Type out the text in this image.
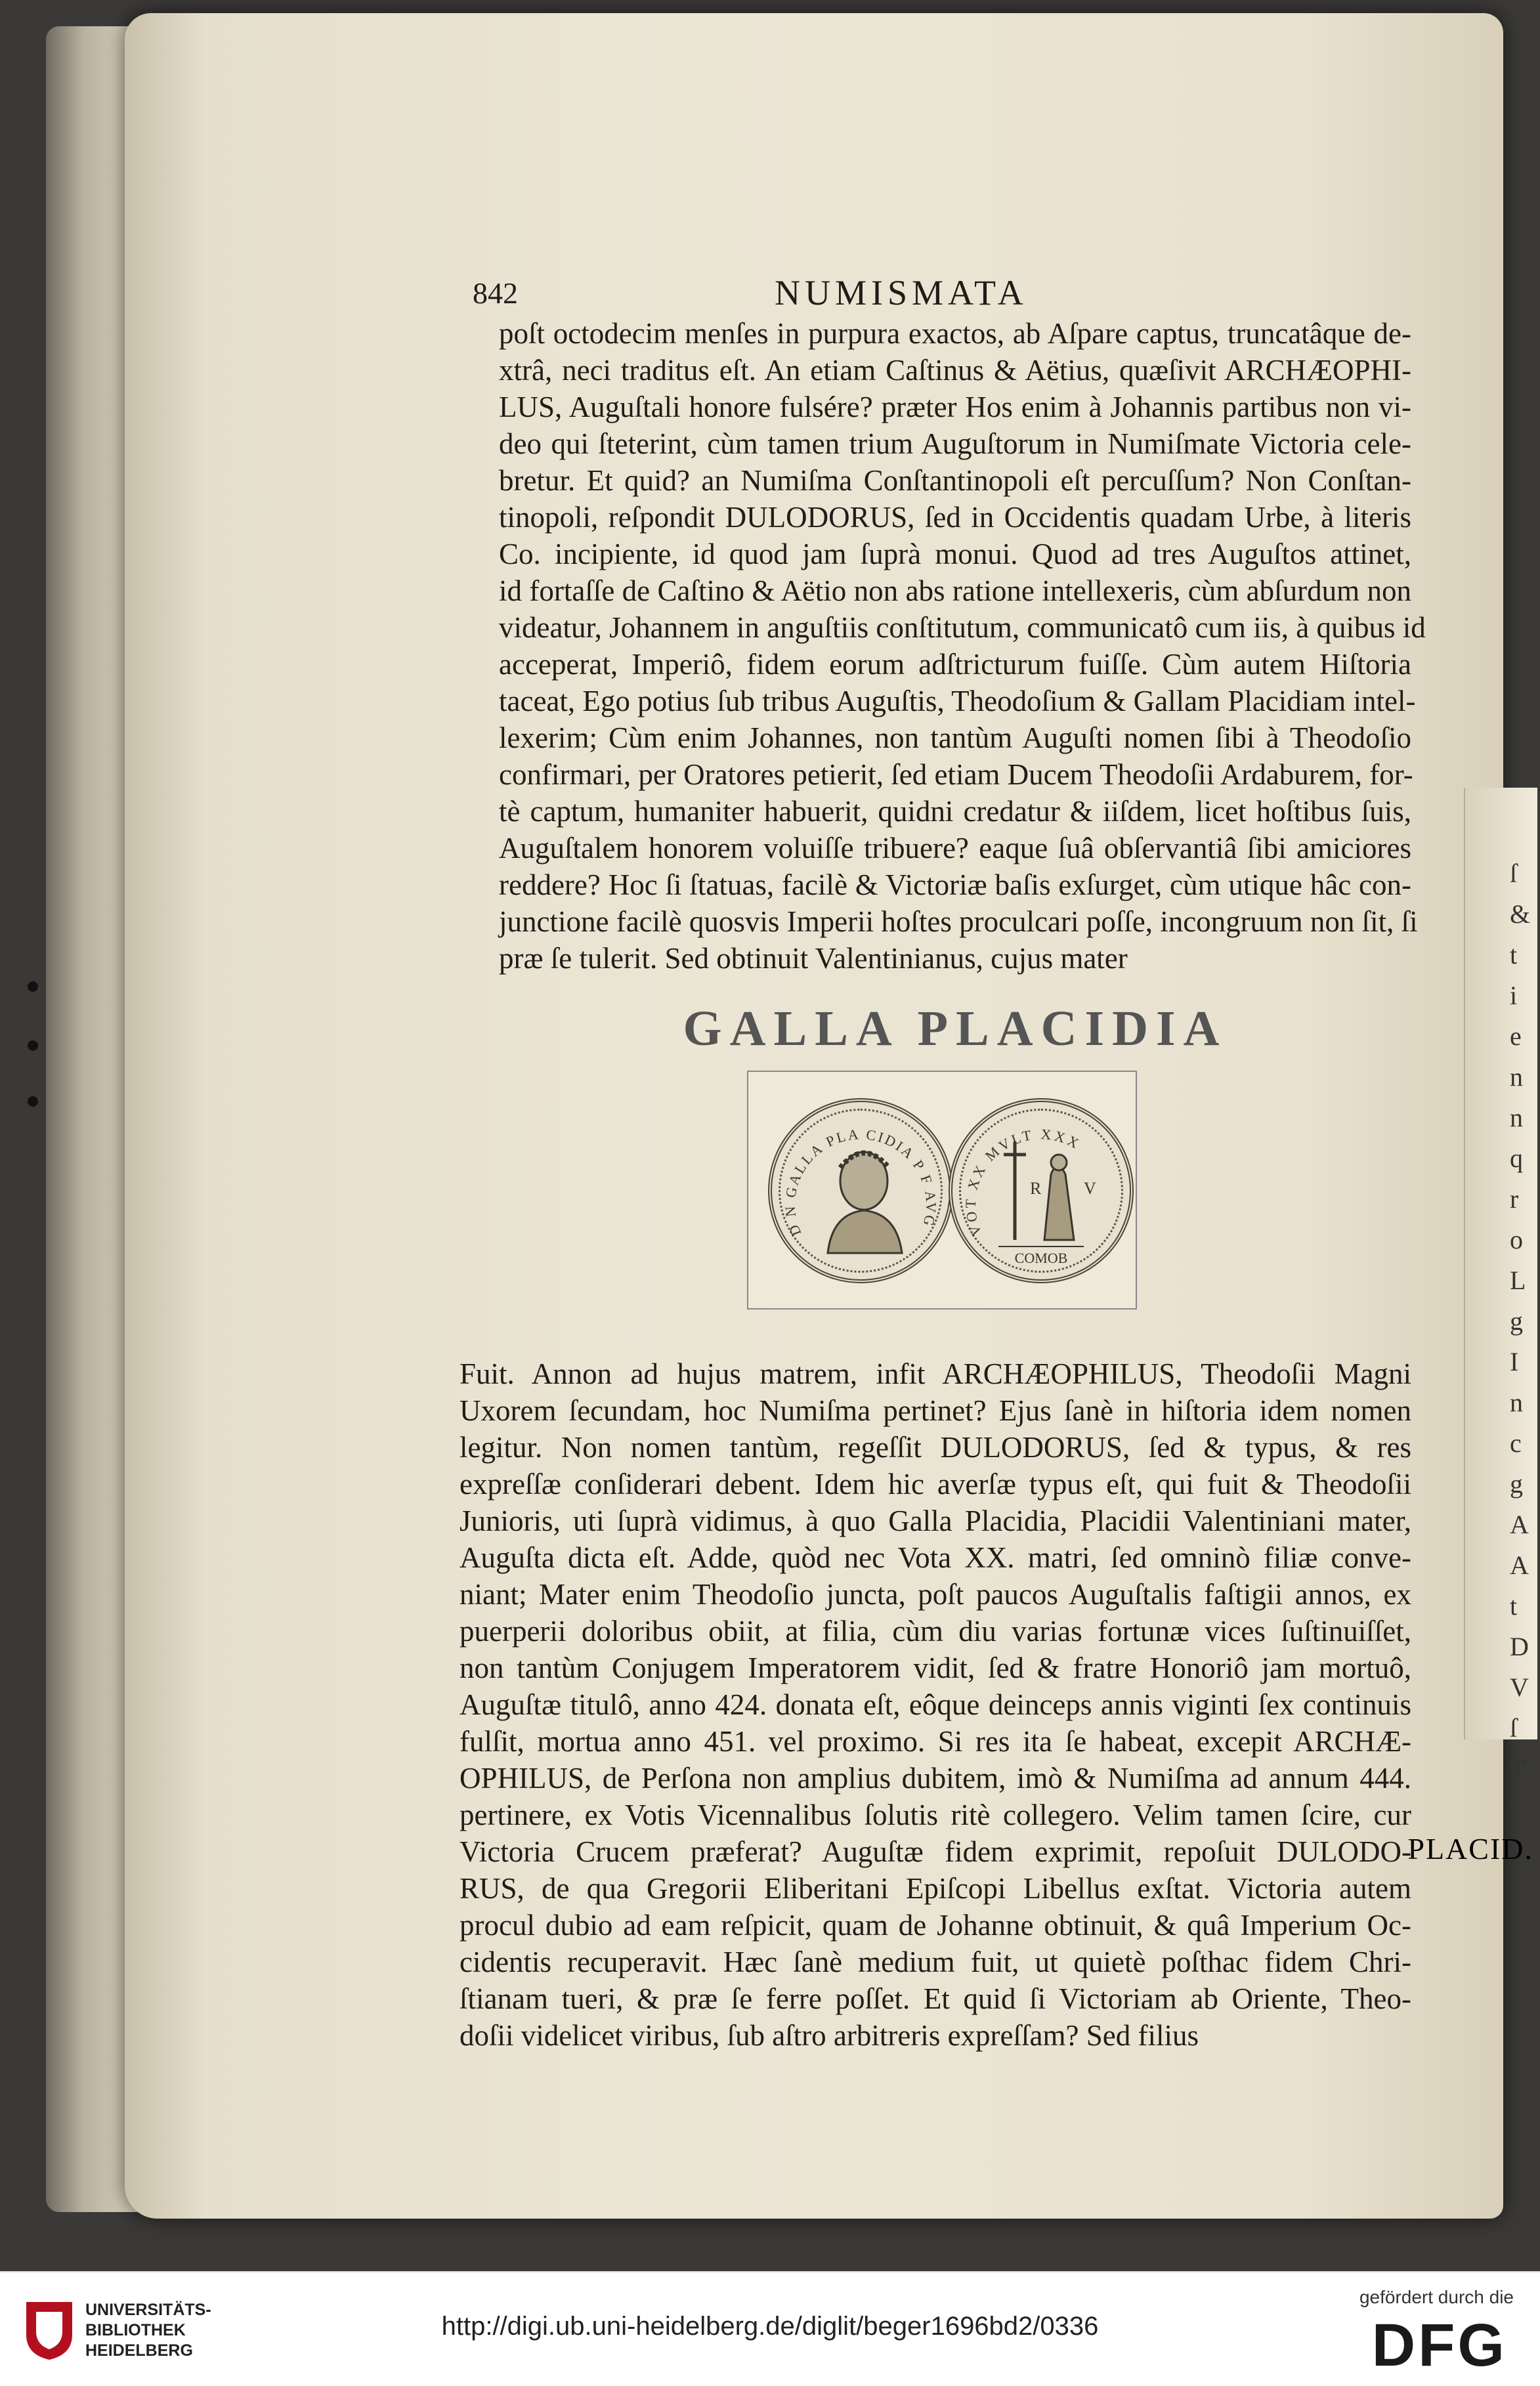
ſ
&
t
i
e
n
n
q
r
o
L
g
I
n
c
g
A
A
t
D
V
ſ
T
t
842	NUMISMATA

poſt octodecim menſes in purpura exactos, ab Aſpare captus, truncatâque de-
xtrâ, neci traditus eſt. An etiam Caſtinus & Aëtius, quæſivit ARCHÆOPHI-
LUS, Auguſtali honore fulsére? præter Hos enim à Johannis partibus non vi-
deo qui ſteterint, cùm tamen trium Auguſtorum in Numiſmate Victoria cele-
bretur. Et quid? an Numiſma Conſtantinopoli eſt percuſſum? Non Conſtan-
tinopoli, reſpondit DULODORUS, ſed in Occidentis quadam Urbe, à literis
Co. incipiente, id quod jam ſuprà monui. Quod ad tres Auguſtos attinet,
id fortaſſe de Caſtino & Aëtio non abs ratione intellexeris, cùm abſurdum non
videatur, Johannem in anguſtiis conſtitutum, communicatô cum iis, à quibus id
acceperat, Imperiô, fidem eorum adſtricturum fuiſſe. Cùm autem Hiſtoria
taceat, Ego potius ſub tribus Auguſtis, Theodoſium & Gallam Placidiam intel-
lexerim; Cùm enim Johannes, non tantùm Auguſti nomen ſibi à Theodoſio
confirmari, per Oratores petierit, ſed etiam Ducem Theodoſii Ardaburem, for-
tè captum, humaniter habuerit, quidni credatur & iiſdem, licet hoſtibus ſuis,
Auguſtalem honorem voluiſſe tribuere? eaque ſuâ obſervantiâ ſibi amiciores
reddere? Hoc ſi ſtatuas, facilè & Victoriæ baſis exſurget, cùm utique hâc con-
junctione facilè quosvis Imperii hoſtes proculcari poſſe, incongruum non ſit, ſi
præ ſe tulerit. Sed obtinuit Valentinianus, cujus mater

GALLA PLACIDIA
D N GALLA PLA CIDIA P F AVG VOT XX MVLT XXX
R V
COMOB

Fuit. Annon ad hujus matrem, infit ARCHÆOPHILUS, Theodoſii Magni
Uxorem ſecundam, hoc Numiſma pertinet? Ejus ſanè in hiſtoria idem nomen
legitur. Non nomen tantùm, regeſſit DULODORUS, ſed & typus, & res
expreſſæ conſiderari debent. Idem hic averſæ typus eſt, qui fuit & Theodoſii
Junioris, uti ſuprà vidimus, à quo Galla Placidia, Placidii Valentiniani mater,
Auguſta dicta eſt. Adde, quòd nec Vota XX. matri, ſed omninò filiæ conve-
niant; Mater enim Theodoſio juncta, poſt paucos Auguſtalis faſtigii annos, ex
puerperii doloribus obiit, at filia, cùm diu varias fortunæ vices ſuſtinuiſſet,
non tantùm Conjugem Imperatorem vidit, ſed & fratre Honoriô jam mortuô,
Auguſtæ titulô, anno 424. donata eſt, eôque deinceps annis viginti ſex continuis
fulſit, mortua anno 451. vel proximo. Si res ita ſe habeat, excepit ARCHÆ-
OPHILUS, de Perſona non amplius dubitem, imò & Numiſma ad annum 444.
pertinere, ex Votis Vicennalibus ſolutis ritè collegero. Velim tamen ſcire, cur
Victoria Crucem præferat? Auguſtæ fidem exprimit, repoſuit DULODO-
RUS, de qua Gregorii Eliberitani Epiſcopi Libellus exſtat. Victoria autem
procul dubio ad eam reſpicit, quam de Johanne obtinuit, & quâ Imperium Oc-
cidentis recuperavit. Hæc ſanè medium fuit, ut quietè poſthac fidem Chri-
ſtianam tueri, & præ ſe ferre poſſet. Et quid ſi Victoriam ab Oriente, Theo-
doſii videlicet viribus, ſub aſtro arbitreris expreſſam? Sed filius

PLACID.
UNIVERSITÄTS-
BIBLIOTHEK
HEIDELBERG
http://digi.ub.uni-heidelberg.de/diglit/beger1696bd2/0336
gefördert durch die
DFG
